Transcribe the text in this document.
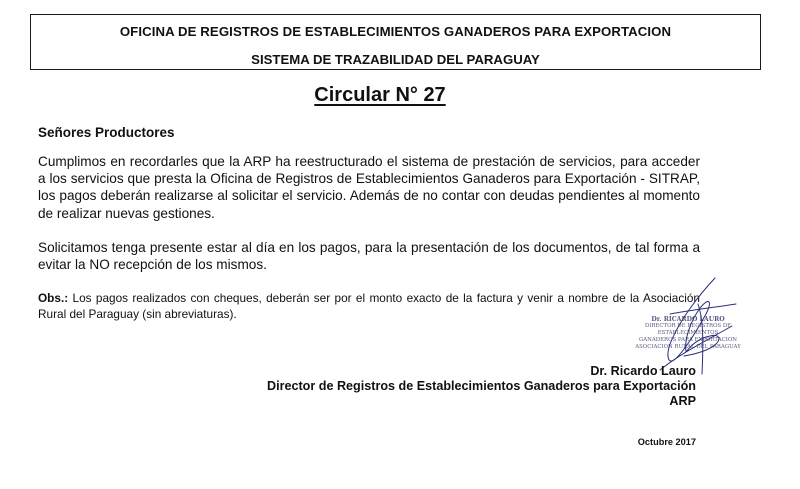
OFICINA DE REGISTROS DE ESTABLECIMIENTOS GANADEROS PARA EXPORTACION
SISTEMA DE TRAZABILIDAD DEL PARAGUAY
Circular N° 27
Señores Productores
Cumplimos en recordarles que la ARP ha reestructurado el sistema de prestación de servicios, para acceder a los servicios que presta la Oficina de Registros de Establecimientos Ganaderos para Exportación - SITRAP, los pagos deberán realizarse al solicitar el servicio. Además de no contar con deudas pendientes al momento de realizar nuevas gestiones.
Solicitamos tenga presente estar al día en los pagos, para la presentación de los documentos, de tal forma a evitar la NO recepción de los mismos.
Obs.: Los pagos realizados con cheques, deberán ser por el monto exacto de la factura y venir a nombre de la Asociación Rural del Paraguay (sin abreviaturas).	Dr. RICARDO LAURO
DIRECTOR DE REGISTROS DE ESTABLECIMIENTOS
GANADEROS PARA EXPORTACION
ASOCIACION RURAL DEL PARAGUAY
Dr. Ricardo Lauro
Director de Registros de Establecimientos Ganaderos para Exportación
ARP
Octubre 2017
